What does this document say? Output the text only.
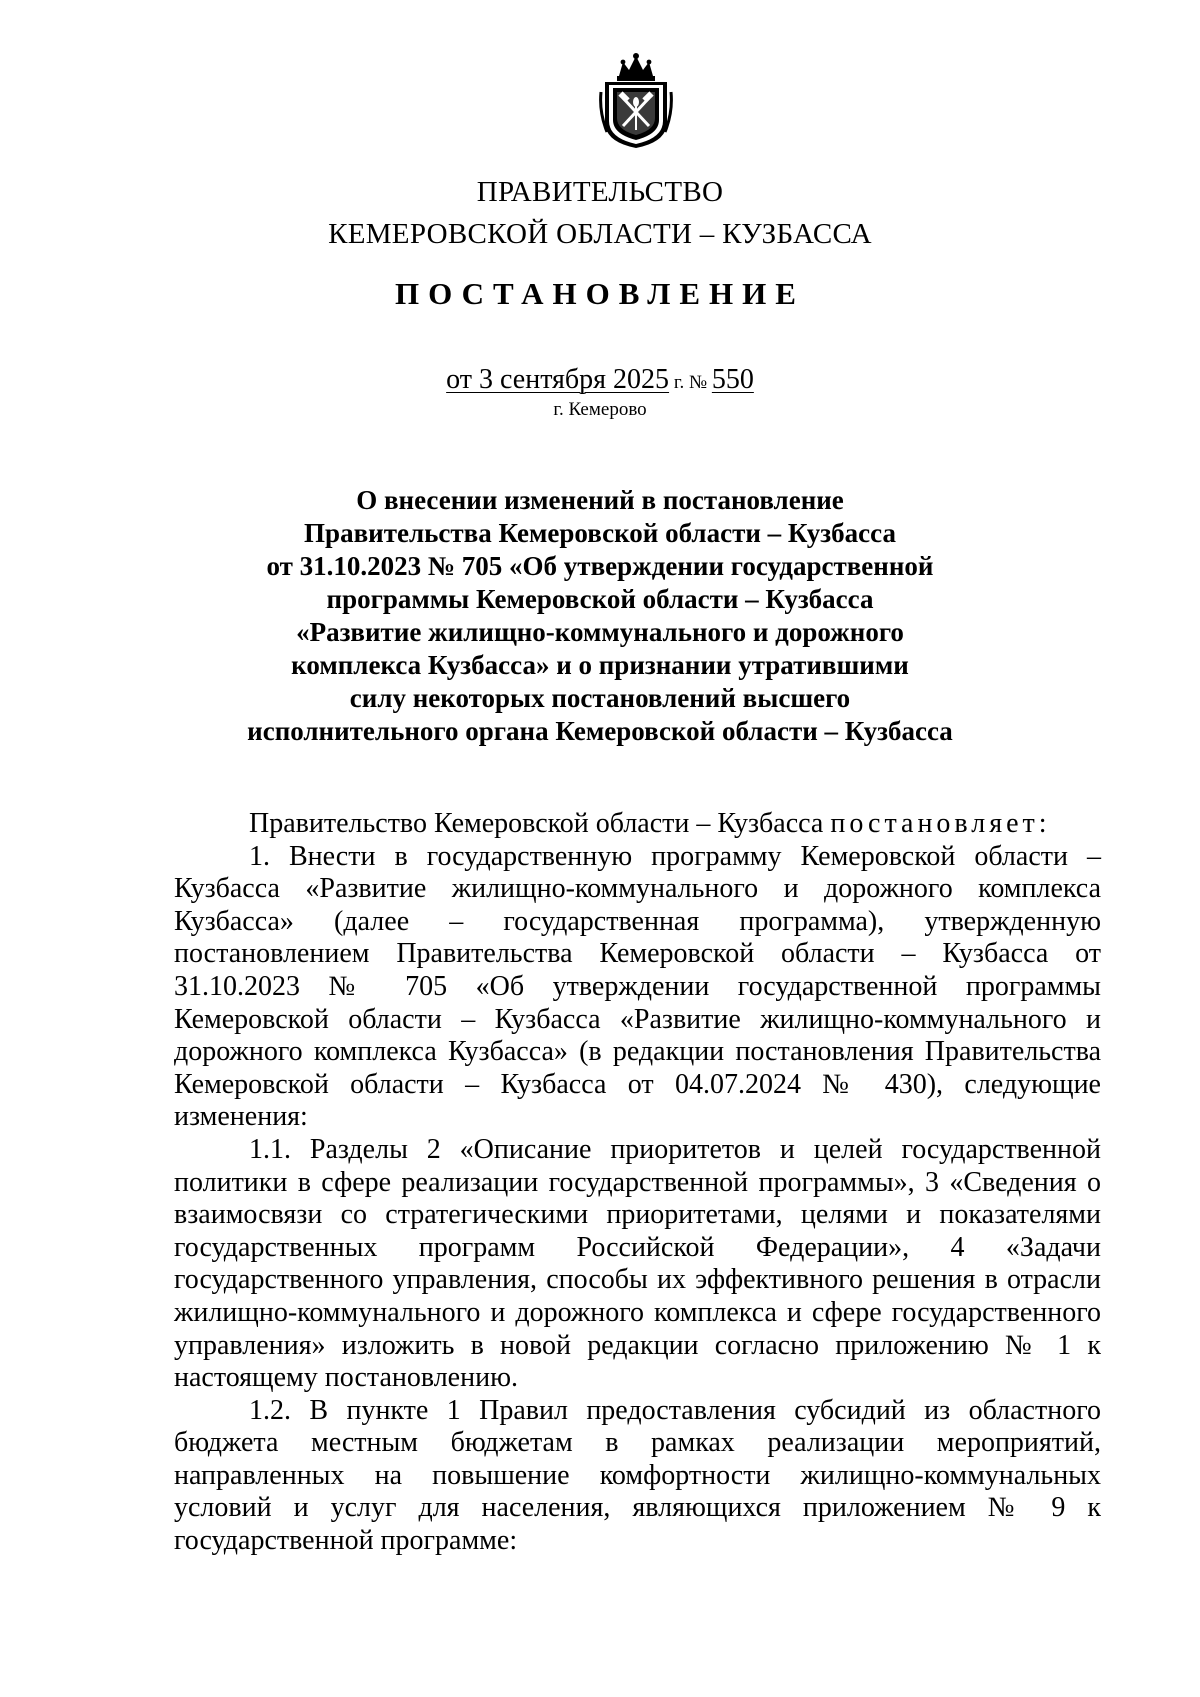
ПРАВИТЕЛЬСТВО
КЕМЕРОВСКОЙ ОБЛАСТИ – КУЗБАССА
ПОСТАНОВЛЕНИЕ
от 3 сентября 2025 г. № 550
г. Кемерово
О внесении изменений в постановление
Правительства Кемеровской области – Кузбасса
от 31.10.2023 № 705 «Об утверждении государственной
программы Кемеровской области – Кузбасса
«Развитие жилищно-коммунального и дорожного
комплекса Кузбасса» и о признании утратившими
силу некоторых постановлений высшего
исполнительного органа Кемеровской области – Кузбасса

Правительство Кемеровской области – Кузбасса постановляет:

1. Внести в государственную программу Кемеровской области – Кузбасса «Развитие жилищно-коммунального и дорожного комплекса Кузбасса» (далее – государственная программа), утвержденную постановлением Правительства Кемеровской области – Кузбасса от 31.10.2023 № 705 «Об утверждении государственной программы Кемеровской области – Кузбасса «Развитие жилищно-коммунального и дорожного комплекса Кузбасса» (в редакции постановления Правительства Кемеровской области – Кузбасса от 04.07.2024 № 430), следующие изменения:

1.1. Разделы 2 «Описание приоритетов и целей государственной политики в сфере реализации государственной программы», 3 «Сведения о взаимосвязи со стратегическими приоритетами, целями и показателями государственных программ Российской Федерации», 4 «Задачи государственного управления, способы их эффективного решения в отрасли жилищно-коммунального и дорожного комплекса и сфере государственного управления» изложить в новой редакции согласно приложению № 1 к настоящему постановлению.

1.2. В пункте 1 Правил предоставления субсидий из областного бюджета местным бюджетам в рамках реализации мероприятий, направленных на повышение комфортности жилищно-коммунальных условий и услуг для населения, являющихся приложением № 9 к государственной программе:
